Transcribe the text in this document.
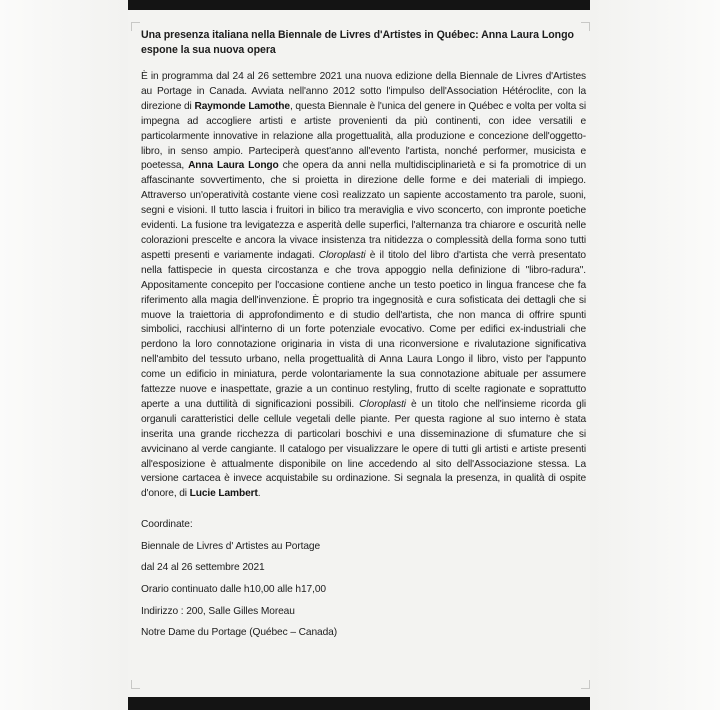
Una presenza italiana nella Biennale de Livres d'Artistes in Québec: Anna Laura Longo espone la sua nuova opera

È in programma dal 24 al 26 settembre 2021 una nuova edizione della Biennale de Livres d'Artistes au Portage in Canada. Avviata nell'anno 2012 sotto l'impulso dell'Association Hétéroclite, con la direzione di Raymonde Lamothe, questa Biennale è l'unica del genere in Québec e volta per volta si impegna ad accogliere artisti e artiste provenienti da più continenti, con idee versatili e particolarmente innovative in relazione alla progettualità, alla produzione e concezione dell'oggetto-libro, in senso ampio. Parteciperà quest'anno all'evento l'artista, nonché performer, musicista e poetessa, Anna Laura Longo che opera da anni nella multidisciplinarietà e si fa promotrice di un affascinante sovvertimento, che si proietta in direzione delle forme e dei materiali di impiego. Attraverso un'operatività costante viene così realizzato un sapiente accostamento tra parole, suoni, segni e visioni. Il tutto lascia i fruitori in bilico tra meraviglia e vivo sconcerto, con impronte poetiche evidenti. La fusione tra levigatezza e asperità delle superfici, l'alternanza tra chiarore e oscurità nelle colorazioni prescelte e ancora la vivace insistenza tra nitidezza o complessità della forma sono tutti aspetti presenti e variamente indagati. Cloroplasti è il titolo del libro d'artista che verrà presentato nella fattispecie in questa circostanza e che trova appoggio nella definizione di "libro-radura". Appositamente concepito per l'occasione contiene anche un testo poetico in lingua francese che fa riferimento alla magia dell'invenzione. È proprio tra ingegnosità e cura sofisticata dei dettagli che si muove la traiettoria di approfondimento e di studio dell'artista, che non manca di offrire spunti simbolici, racchiusi all'interno di un forte potenziale evocativo. Come per edifici ex-industriali che perdono la loro connotazione originaria in vista di una riconversione e rivalutazione significativa nell'ambito del tessuto urbano, nella progettualità di Anna Laura Longo il libro, visto per l'appunto come un edificio in miniatura, perde volontariamente la sua connotazione abituale per assumere fattezze nuove e inaspettate, grazie a un continuo restyling, frutto di scelte ragionate e soprattutto aperte a una duttilità di significazioni possibili. Cloroplasti è un titolo che nell'insieme ricorda gli organuli caratteristici delle cellule vegetali delle piante. Per questa ragione al suo interno è stata inserita una grande ricchezza di particolari boschivi e una disseminazione di sfumature che si avvicinano al verde cangiante. Il catalogo per visualizzare le opere di tutti gli artisti e artiste presenti all'esposizione è attualmente disponibile on line accedendo al sito dell'Associazione stessa. La versione cartacea è invece acquistabile su ordinazione. Si segnala la presenza, in qualità di ospite d'onore, di Lucie Lambert.

Coordinate:
Biennale de Livres d' Artistes au Portage
dal 24 al 26 settembre 2021
Orario continuato dalle h10,00 alle h17,00
Indirizzo : 200, Salle Gilles Moreau
Notre Dame du Portage (Québec – Canada)
